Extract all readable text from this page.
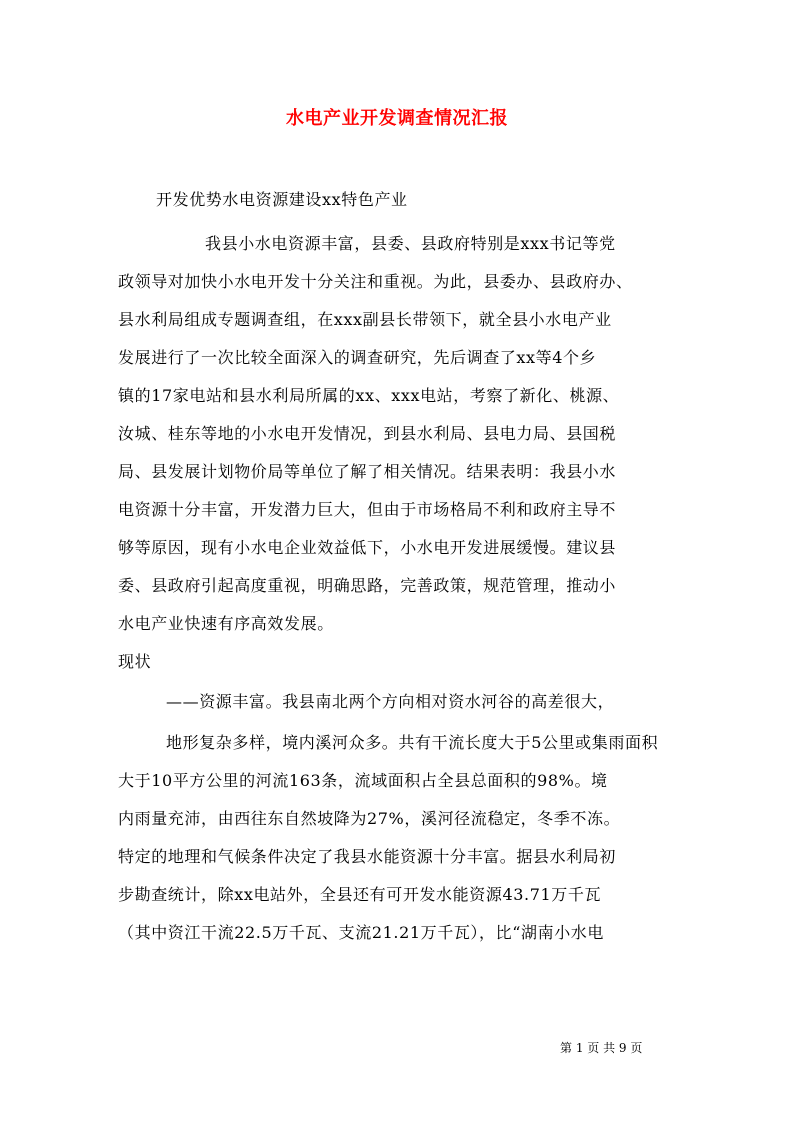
水电产业开发调查情况汇报
开发优势水电资源建设xx特色产业
我县小水电资源丰富，县委、县政府特别是xxx书记等党
政领导对加快小水电开发十分关注和重视。为此，县委办、县政府办、
县水利局组成专题调查组，在xxx副县长带领下，就全县小水电产业
发展进行了一次比较全面深入的调查研究，先后调查了xx等4个乡
镇的17家电站和县水利局所属的xx、xxx电站，考察了新化、桃源、
汝城、桂东等地的小水电开发情况，到县水利局、县电力局、县国税
局、县发展计划物价局等单位了解了相关情况。结果表明：我县小水
电资源十分丰富，开发潜力巨大，但由于市场格局不利和政府主导不
够等原因，现有小水电企业效益低下，小水电开发进展缓慢。建议县
委、县政府引起高度重视，明确思路，完善政策，规范管理，推动小
水电产业快速有序高效发展。
现状
——资源丰富。我县南北两个方向相对资水河谷的高差很大，
地形复杂多样，境内溪河众多。共有干流长度大于5公里或集雨面积
大于10平方公里的河流163条，流域面积占全县总面积的98%。境
内雨量充沛，由西往东自然坡降为27%，溪河径流稳定，冬季不冻。
特定的地理和气候条件决定了我县水能资源十分丰富。据县水利局初
步勘查统计，除xx电站外，全县还有可开发水能资源43.71万千瓦
（其中资江干流22.5万千瓦、支流21.21万千瓦），比“湖南小水电
第 1 页 共 9 页
